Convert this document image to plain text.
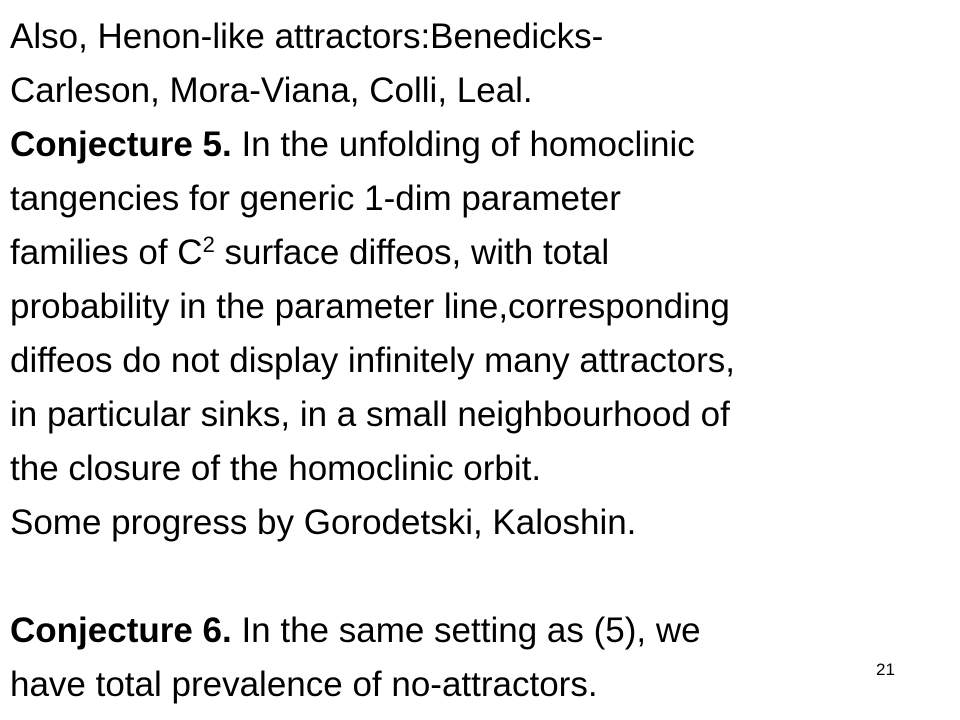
Also, Henon-like attractors:Benedicks-
Carleson, Mora-Viana, Colli, Leal.
Conjecture 5. In the unfolding of homoclinic
tangencies for generic 1-dim parameter
families of $C^2$ surface diffeos, with total
probability in the parameter line,corresponding
diffeos do not display infinitely many attractors,
in particular sinks, in a small neighbourhood of
the closure of the homoclinic orbit.
Some progress by Gorodetski, Kaloshin.
Conjecture 6. In the same setting as (5), we
have total prevalence of no-attractors.	21
